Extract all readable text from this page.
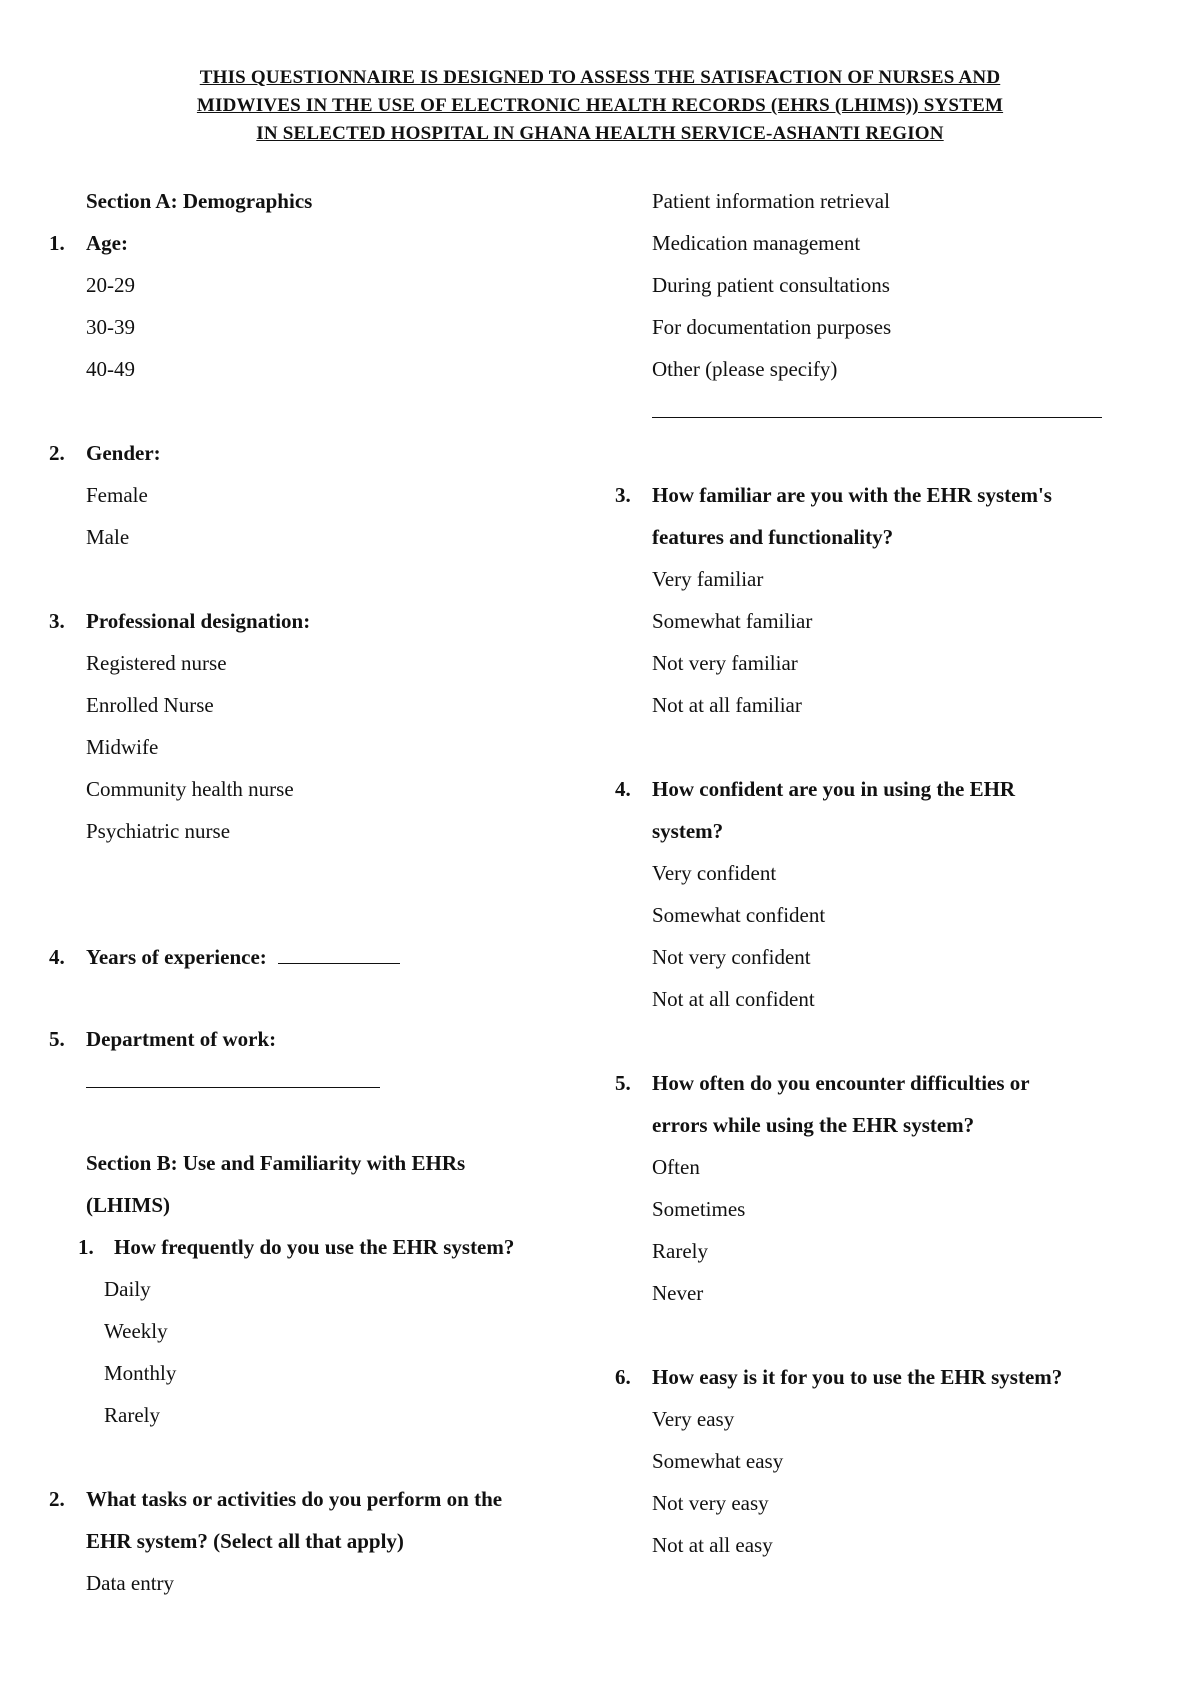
THIS QUESTIONNAIRE IS DESIGNED TO ASSESS THE SATISFACTION OF NURSES AND
MIDWIVES IN THE USE OF ELECTRONIC HEALTH RECORDS (EHRS (LHIMS)) SYSTEM
IN SELECTED HOSPITAL IN GHANA HEALTH SERVICE-ASHANTI REGION
Section A: Demographics
1. Age:
20-29
30-39
40-49
2. Gender:
Female
Male
3. Professional designation:
Registered nurse
Enrolled Nurse
Midwife
Community health nurse
Psychiatric nurse
4. Years of experience:
5. Department of work:
Section B: Use and Familiarity with EHRs
(LHIMS)
1. How frequently do you use the EHR system?
Daily
Weekly
Monthly
Rarely
2. What tasks or activities do you perform on the
EHR system? (Select all that apply)
Data entry
Patient information retrieval
Medication management
During patient consultations
For documentation purposes
Other (please specify)
3. How familiar are you with the EHR system's
features and functionality?
Very familiar
Somewhat familiar
Not very familiar
Not at all familiar
4. How confident are you in using the EHR
system?
Very confident
Somewhat confident
Not very confident
Not at all confident
5. How often do you encounter difficulties or
errors while using the EHR system?
Often
Sometimes
Rarely
Never
6. How easy is it for you to use the EHR system?
Very easy
Somewhat easy
Not very easy
Not at all easy
